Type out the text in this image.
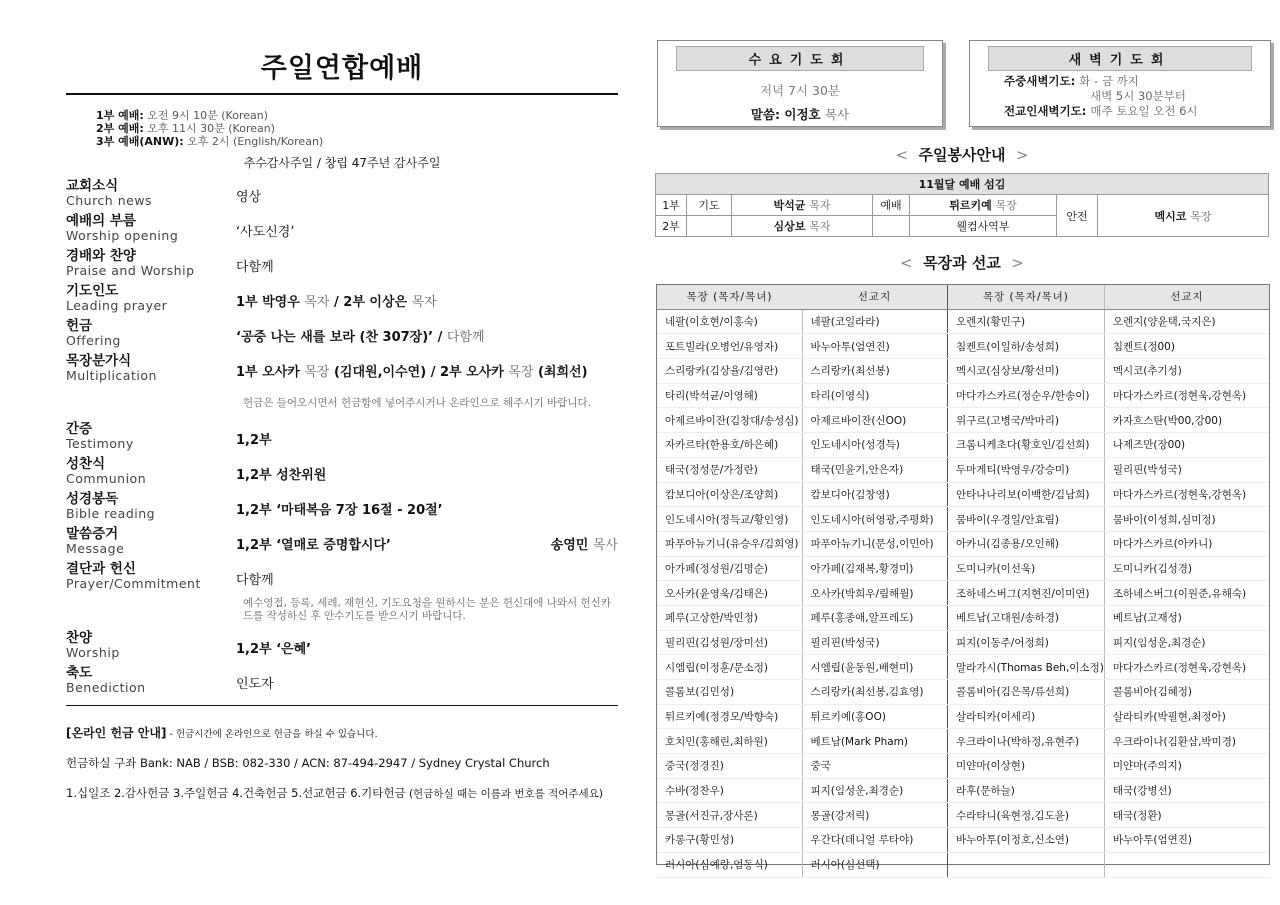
주일연합예배
1부 예배: 오전 9시 10분 (Korean)
2부 예배: 오후 11시 30분 (Korean)
3부 예배(ANW): 오후 2시 (English/Korean)
추수감사주일 / 창립 47주년 감사주일
교회소식
Church news	영상
예배의 부름
Worship opening	‘사도신경’
경배와 찬양
Praise and Worship	다함께
기도인도
Leading prayer	1부 박영우 목자 / 2부 이상은 목자
헌금
Offering	‘공중 나는 새를 보라 (찬 307장)’ / 다함께
목장분가식
Multiplication	1부 오사카 목장 (김대원,이수연) / 2부 오사카 목장 (최희선)
헌금은 들어오시면서 헌금함에 넣어주시거나 온라인으로 해주시기 바랍니다.
간증
Testimony	1,2부
성찬식
Communion	1,2부 성찬위원
성경봉독
Bible reading	1,2부 ‘마태복음 7장 16절 - 20절’
말씀증거
Message	1,2부 ‘열매로 증명합시다’	송영민 목사
결단과 헌신
Prayer/Commitment	다함께
예수영접, 등록, 세례, 재헌신, 기도요청을 원하시는 분은 헌신대에 나와서 헌신카드를 작성하신 후 안수기도를 받으시기 바랍니다.
찬양
Worship	1,2부 ‘은혜’
축도
Benediction	인도자
[온라인 헌금 안내] - 헌금시간에 온라인으로 헌금을 하실 수 있습니다.
헌금하실 구좌 Bank: NAB / BSB: 082-330 / ACN: 87-494-2947 / Sydney Crystal Church
1.십일조 2.감사헌금 3.주일헌금 4.건축헌금 5.선교헌금 6.기타헌금 (헌금하실 때는 이름과 번호를 적어주세요)
수요기도회
저녁 7시 30분
말씀: 이정호 목사
새벽기도회
주중새벽기도: 화 - 금 까지
새벽 5시 30분부터
전교인새벽기도: 매주 토요일 오전 6시
< 주일봉사안내 >
11월달 예배 섬김						
1부	기도	박석균 목자	예배	튀르키예 목장	안전	멕시코 목장
2부		심상보 목자		웰컴사역부		
< 목장과 선교 >
목장 (목자/목녀)	선교지	목장 (목자/목녀)	선교지
네팔(이호현/이홍숙)	네팔(코일라라)	오렌지(황민구)	오렌지(양윤택,국지은)
포트빌라(오병언/유영자)	바누아투(엄연진)	침켄트(이일하/송성희)	침켄트(정00)
스리랑카(김상율/김영란)	스리랑카(최선봉)	멕시코(심상보/황선미)	멕시코(추기성)
타리(박석균/이영해)	타리(이영식)	마다가스카르(정순우/한송이)	마다가스카르(정현욱,강현옥)
아제르바이잔(김창대/송성심)	아제르바이잔(신OO)	위구르(고병국/박마리)	카자흐스탄(박00,강00)
자카르타(한용호/하은혜)	인도네시아(성경득)	크롬니케초다(황호인/김선희)	나제즈만(장00)
태국(정성문/가정란)	태국(민윤기,안은자)	두마게티(박영우/강승미)	필리핀(박성국)
캄보디아(이상은/조양희)	캄보디아(김창영)	안타나나리보(이백한/김남희)	마다가스카르(정현욱,강현옥)
인도네시아(정득교/황인영)	인도네시아(허영광,주평화)	뭄바이(우경일/안효림)	뭄바이(이성희,심미정)
파푸아뉴기니(유승우/김희영)	파푸아뉴기니(문성,이민아)	아카니(김종용/오인해)	마다가스카르(아카니)
아가페(정성원/김명순)	아가페(김재복,황경미)	도미니카(이선욱)	도미니카(김성경)
오사카(윤영욱/김태은)	오사카(박희우/림해월)	조하네스버그(지현진/이미연)	조하네스버그(이원준,유해숙)
페루(고상한/박민정)	페루(홍종애,알프레도)	베트남(고대원/송하경)	베트남(고재성)
필리핀(김성원/장미선)	필리핀(박성국)	피지(이동주/어정희)	피지(임성운,최경순)
시엠립(이정훈/문소정)	시엠립(윤동원,배현미)	말라가시(Thomas Beh,이소정)	마다가스카르(정현욱,강현옥)
콜롬보(김민성)	스리랑카(최선봉,김효영)	콜롬비아(김은목/류선희)	콜롬비아(김혜정)
튀르키예(정경모/박향숙)	튀르키예(홍OO)	살라티카(이세리)	살라티카(박필현,최정아)
호치민(홍해린,최하원)	베트남(Mark Pham)	우크라이나(박하정,유현주)	우크라이나(김환삼,박미경)
중국(정경진)	중국	미얀마(이상현)	미얀마(주의지)
수바(정찬우)	피지(임성운,최경순)	라후(문하늘)	태국(강병선)
몽골(서진규,장사론)	몽골(강저릭)	수라타니(육현정,김도윤)	태국(정환)
카롱구(황민성)	우간다(데니얼 루타야)	바누아투(이정호,신소연)	바누아투(엄연진)
러시아(심예랑,엄동식)	러시아(심선택)		
